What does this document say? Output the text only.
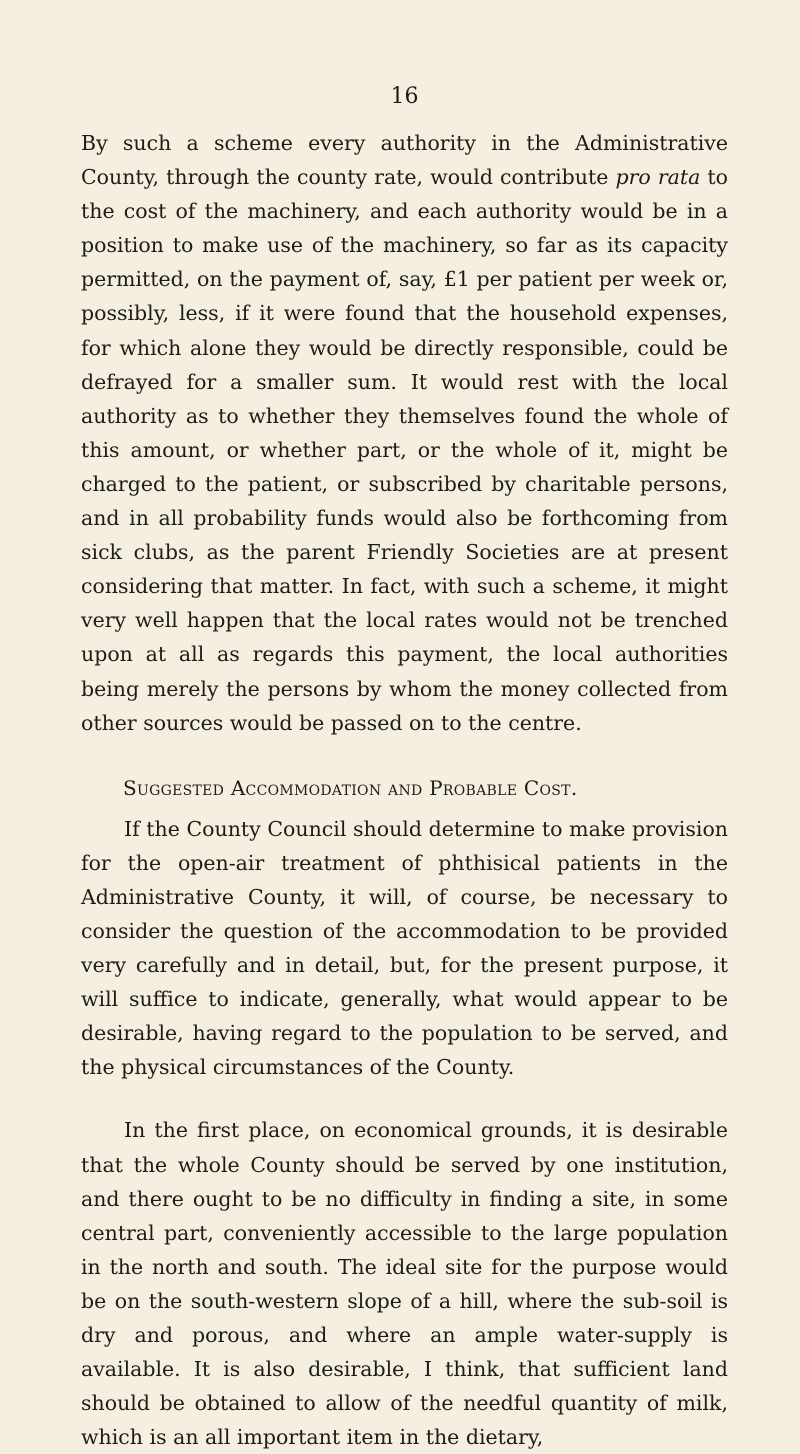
16

By such a scheme every authority in the Administrative County, through the county rate, would contribute pro rata to the cost of the machinery, and each authority would be in a position to make use of the machinery, so far as its capacity permitted, on the payment of, say, £1 per patient per week or, possibly, less, if it were found that the household expenses, for which alone they would be directly responsible, could be defrayed for a smaller sum. It would rest with the local authority as to whether they themselves found the whole of this amount, or whether part, or the whole of it, might be charged to the patient, or subscribed by charitable persons, and in all probability funds would also be forthcoming from sick clubs, as the parent Friendly Societies are at present considering that matter. In fact, with such a scheme, it might very well happen that the local rates would not be trenched upon at all as regards this payment, the local authorities being merely the persons by whom the money collected from other sources would be passed on to the centre.

Suggested Accommodation and Probable Cost.

If the County Council should determine to make provision for the open-air treatment of phthisical patients in the Administrative County, it will, of course, be necessary to consider the question of the accommodation to be provided very carefully and in detail, but, for the present purpose, it will suffice to indicate, generally, what would appear to be desirable, having regard to the population to be served, and the physical circumstances of the County.

In the first place, on economical grounds, it is desirable that the whole County should be served by one institution, and there ought to be no difficulty in finding a site, in some central part, conveniently accessible to the large population in the north and south. The ideal site for the purpose would be on the south-western slope of a hill, where the sub-soil is dry and porous, and where an ample water-supply is available. It is also desirable, I think, that sufficient land should be obtained to allow of the needful quantity of milk, which is an all important item in the dietary,
